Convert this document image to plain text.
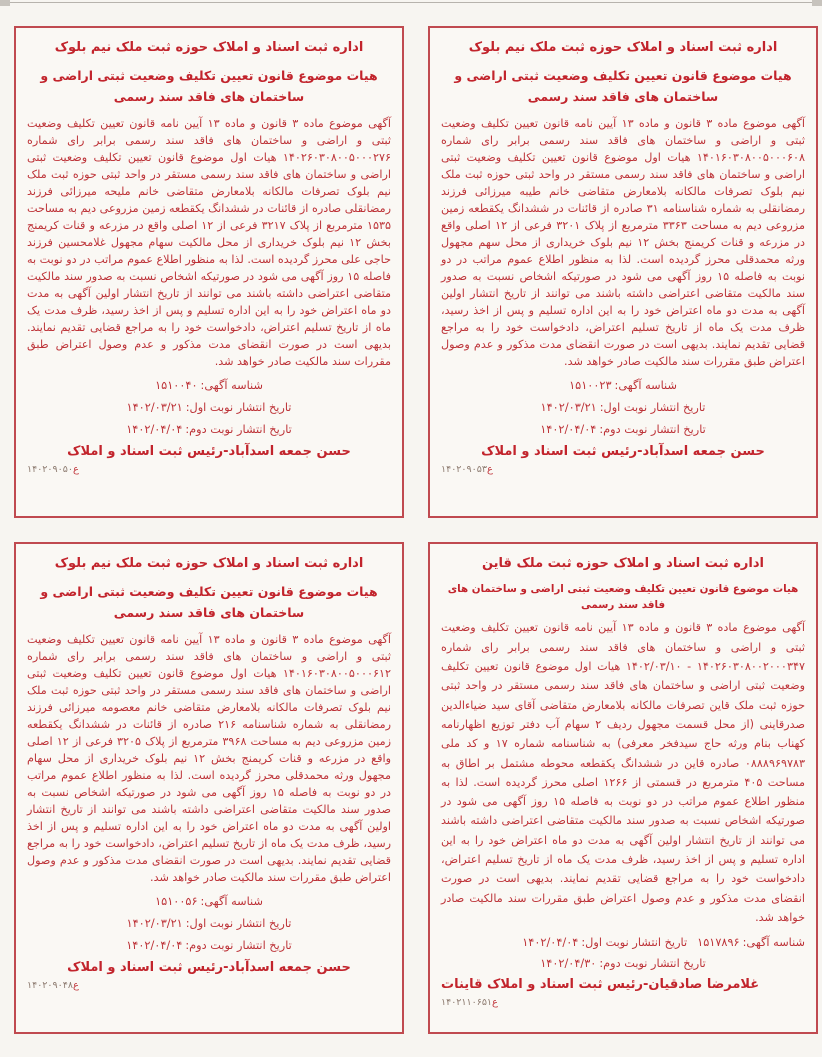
اداره ثبت اسناد و املاک حوزه ثبت ملک نیم بلوک
هیات موضوع قانون تعیین تکلیف وضعیت ثبتی اراضی و ساختمان های فاقد سند رسمی

آگهی موضوع ماده ۳ قانون و ماده ۱۳ آیین نامه قانون تعیین تکلیف وضعیت ثبتی و اراضی و ساختمان های فاقد سند رسمی برابر رای شماره ۱۴۰۲۶۰۳۰۸۰۰۵۰۰۰۲۷۶ هیات اول موضوع قانون تعیین تکلیف وضعیت ثبتی اراضی و ساختمان های فاقد سند رسمی مستقر در واحد ثبتی حوزه ثبت ملک نیم بلوک تصرفات مالکانه بلامعارض متقاضی خانم ملیحه میرزائی فرزند رمضانقلی صادره از قائنات در ششدانگ یکقطعه زمین مزروعی دیم به مساحت ۱۵۳۵ مترمربع از پلاک ۳۲۱۷ فرعی از ۱۲ اصلی واقع در مزرعه و قنات کریمنج بخش ۱۲ نیم بلوک خریداری از محل مالکیت سهام مجهول غلامحسین فرزند حاجی علی محرز گردیده است. لذا به منظور اطلاع عموم مراتب در دو نوبت به فاصله ۱۵ روز آگهی می شود در صورتیکه اشخاص نسبت به صدور سند مالکیت متقاضی اعتراضی داشته باشند می توانند از تاریخ انتشار اولین آگهی به مدت دو ماه اعتراض خود را به این اداره تسلیم و پس از اخذ رسید، ظرف مدت یک ماه از تاریخ تسلیم اعتراض، دادخواست خود را به مراجع قضایی تقدیم نمایند. بدیهی است در صورت انقضای مدت مذکور و عدم وصول اعتراض طبق مقررات سند مالکیت صادر خواهد شد.

شناسه آگهی:۱۵۱۰۰۴۰
تاریخ انتشار نوبت اول:۱۴۰۲/۰۳/۲۱
تاریخ انتشار نوبت دوم:۱۴۰۲/۰۴/۰۴
حسن جمعه اسدآباد-رئیس ثبت اسناد و املاک
ع۱۴۰۲۰۹۰۵۰
اداره ثبت اسناد و املاک حوزه ثبت ملک نیم بلوک
هیات موضوع قانون تعیین تکلیف وضعیت ثبتی اراضی و ساختمان های فاقد سند رسمی

آگهی موضوع ماده ۳ قانون و ماده ۱۳ آیین نامه قانون تعیین تکلیف وضعیت ثبتی و اراضی و ساختمان های فاقد سند رسمی برابر رای شماره ۱۴۰۱۶۰۳۰۸۰۰۵۰۰۰۶۰۸ هیات اول موضوع قانون تعیین تکلیف وضعیت ثبتی اراضی و ساختمان های فاقد سند رسمی مستقر در واحد ثبتی حوزه ثبت ملک نیم بلوک تصرفات مالکانه بلامعارض متقاضی خانم طیبه میرزائی فرزند رمضانقلی به شماره شناسنامه ۳۱ صادره از قائنات در ششدانگ یکقطعه زمین مزروعی دیم به مساحت ۳۳۶۳ مترمربع از پلاک ۳۲۰۱ فرعی از ۱۲ اصلی واقع در مزرعه و قنات کریمنج بخش ۱۲ نیم بلوک خریداری از محل سهم مجهول ورثه محمدقلی محرز گردیده است. لذا به منظور اطلاع عموم مراتب در دو نوبت به فاصله ۱۵ روز آگهی می شود در صورتیکه اشخاص نسبت به صدور سند مالکیت متقاضی اعتراضی داشته باشند می توانند از تاریخ انتشار اولین آگهی به مدت دو ماه اعتراض خود را به این اداره تسلیم و پس از اخذ رسید، ظرف مدت یک ماه از تاریخ تسلیم اعتراض، دادخواست خود را به مراجع قضایی تقدیم نمایند. بدیهی است در صورت انقضای مدت مذکور و عدم وصول اعتراض طبق مقررات سند مالکیت صادر خواهد شد.

شناسه آگهی:۱۵۱۰۰۲۳
تاریخ انتشار نوبت اول:۱۴۰۲/۰۳/۲۱
تاریخ انتشار نوبت دوم:۱۴۰۲/۰۴/۰۴
حسن جمعه اسدآباد-رئیس ثبت اسناد و املاک
ع۱۴۰۲۰۹۰۵۳
اداره ثبت اسناد و املاک حوزه ثبت ملک نیم بلوک
هیات موضوع قانون تعیین تکلیف وضعیت ثبتی اراضی و ساختمان های فاقد سند رسمی

آگهی موضوع ماده ۳ قانون و ماده ۱۳ آیین نامه قانون تعیین تکلیف وضعیت ثبتی و اراضی و ساختمان های فاقد سند رسمی برابر رای شماره ۱۴۰۱۶۰۳۰۸۰۰۵۰۰۰۶۱۲ هیات اول موضوع قانون تعیین تکلیف وضعیت ثبتی اراضی و ساختمان های فاقد سند رسمی مستقر در واحد ثبتی حوزه ثبت ملک نیم بلوک تصرفات مالکانه بلامعارض متقاضی خانم معصومه میرزائی فرزند رمضانقلی به شماره شناسنامه ۲۱۶ صادره از قائنات در ششدانگ یکقطعه زمین مزروعی دیم به مساحت ۳۹۶۸ مترمربع از پلاک ۳۲۰۵ فرعی از ۱۲ اصلی واقع در مزرعه و قنات کریمنج بخش ۱۲ نیم بلوک خریداری از محل سهام مجهول ورثه محمدقلی محرز گردیده است. لذا به منظور اطلاع عموم مراتب در دو نوبت به فاصله ۱۵ روز آگهی می شود در صورتیکه اشخاص نسبت به صدور سند مالکیت متقاضی اعتراضی داشته باشند می توانند از تاریخ انتشار اولین آگهی به مدت دو ماه اعتراض خود را به این اداره تسلیم و پس از اخذ رسید، ظرف مدت یک ماه از تاریخ تسلیم اعتراض، دادخواست خود را به مراجع قضایی تقدیم نمایند. بدیهی است در صورت انقضای مدت مذکور و عدم وصول اعتراض طبق مقررات سند مالکیت صادر خواهد شد.

شناسه آگهی:۱۵۱۰۰۵۶
تاریخ انتشار نوبت اول:۱۴۰۲/۰۳/۲۱
تاریخ انتشار نوبت دوم:۱۴۰۲/۰۴/۰۴
حسن جمعه اسدآباد-رئیس ثبت اسناد و املاک
ع۱۴۰۲۰۹۰۴۸
اداره ثبت اسناد و املاک حوزه ثبت ملک قاین
هیات موضوع قانون تعیین تکلیف وضعیت ثبتی اراضی و ساختمان های فاقد سند رسمی

آگهی موضوع ماده ۳ قانون و ماده ۱۳ آیین نامه قانون تعیین تکلیف وضعیت ثبتی و اراضی و ساختمان های فاقد سند رسمی برابر رای شماره ۱۴۰۲۶۰۳۰۸۰۰۲۰۰۰۳۴۷ - ۱۴۰۲/۰۳/۱۰ هیات اول موضوع قانون تعیین تکلیف وضعیت ثبتی اراضی و ساختمان های فاقد سند رسمی مستقر در واحد ثبتی حوزه ثبت ملک قاین تصرفات مالکانه بلامعارض متقاضی آقای سید ضیاءالدین صدرقاینی (از محل قسمت مجهول ردیف ۲ سهام آب دفتر توزیع اظهارنامه کهناب بنام ورثه حاج سیدفخر معرفی) به شناسنامه شماره ۱۷ و کد ملی ۰۸۸۸۹۶۹۷۸۳ صادره قاین در ششدانگ یکقطعه محوطه مشتمل بر اطاق به مساحت ۴۰۵ مترمربع در قسمتی از ۱۲۶۶ اصلی محرز گردیده است. لذا به منظور اطلاع عموم مراتب در دو نوبت به فاصله ۱۵ روز آگهی می شود در صورتیکه اشخاص نسبت به صدور سند مالکیت متقاضی اعتراضی داشته باشند می توانند از تاریخ انتشار اولین آگهی به مدت دو ماه اعتراض خود را به این اداره تسلیم و پس از اخذ رسید، ظرف مدت یک ماه از تاریخ تسلیم اعتراض، دادخواست خود را به مراجع قضایی تقدیم نمایند. بدیهی است در صورت انقضای مدت مذکور و عدم وصول اعتراض طبق مقررات سند مالکیت صادر خواهد شد.

شناسه آگهی:۱۵۱۷۸۹۶تاریخ انتشار نوبت اول:۱۴۰۲/۰۴/۰۴
تاریخ انتشار نوبت دوم:۱۴۰۲/۰۴/۳۰
غلامرضا صادقیان-رئیس ثبت اسناد و املاک قاینات
ع۱۴۰۲۱۱۰۶۵۱
